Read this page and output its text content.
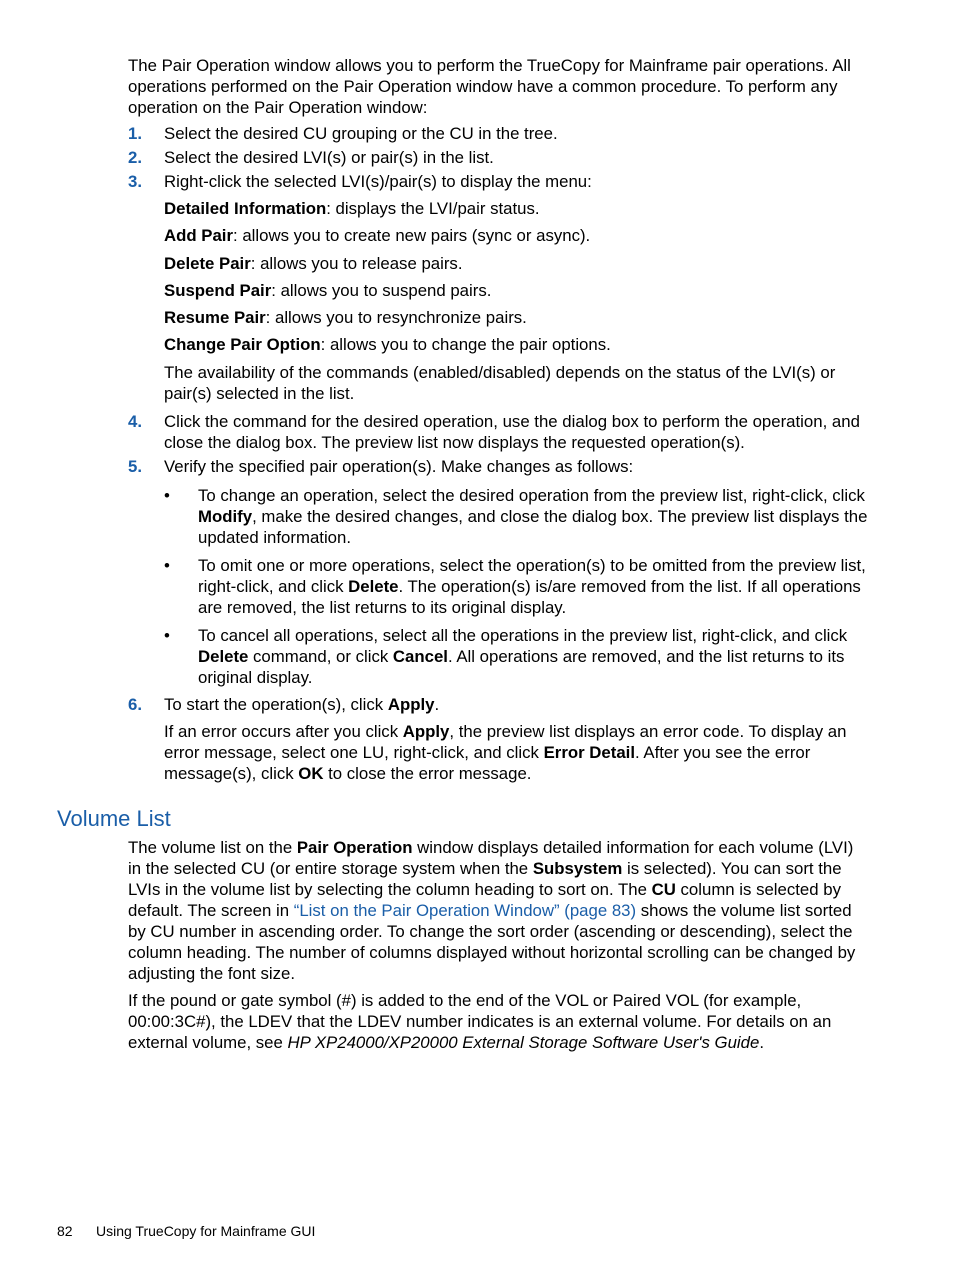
The Pair Operation window allows you to perform the TrueCopy for Mainframe pair operations. All operations performed on the Pair Operation window have a common procedure. To perform any operation on the Pair Operation window:

1. Select the desired CU grouping or the CU in the tree.
2. Select the desired LVI(s) or pair(s) in the list.
3. Right-click the selected LVI(s)/pair(s) to display the menu:

Detailed Information: displays the LVI/pair status.

Add Pair: allows you to create new pairs (sync or async).

Delete Pair: allows you to release pairs.

Suspend Pair: allows you to suspend pairs.

Resume Pair: allows you to resynchronize pairs.

Change Pair Option: allows you to change the pair options.

The availability of the commands (enabled/disabled) depends on the status of the LVI(s) or pair(s) selected in the list.

4. Click the command for the desired operation, use the dialog box to perform the operation, and close the dialog box. The preview list now displays the requested operation(s).
5. Verify the specified pair operation(s). Make changes as follows:
• To change an operation, select the desired operation from the preview list, right-click, click Modify, make the desired changes, and close the dialog box. The preview list displays the updated information.
• To omit one or more operations, select the operation(s) to be omitted from the preview list, right-click, and click Delete. The operation(s) is/are removed from the list. If all operations are removed, the list returns to its original display.
• To cancel all operations, select all the operations in the preview list, right-click, and click Delete command, or click Cancel. All operations are removed, and the list returns to its original display.
6. To start the operation(s), click Apply.

If an error occurs after you click Apply, the preview list displays an error code. To display an error message, select one LU, right-click, and click Error Detail. After you see the error message(s), click OK to close the error message.

Volume List

The volume list on the Pair Operation window displays detailed information for each volume (LVI) in the selected CU (or entire storage system when the Subsystem is selected). You can sort the LVIs in the volume list by selecting the column heading to sort on. The CU column is selected by default. The screen in “List on the Pair Operation Window” (page 83) shows the volume list sorted by CU number in ascending order. To change the sort order (ascending or descending), select the column heading. The number of columns displayed without horizontal scrolling can be changed by adjusting the font size.

If the pound or gate symbol (#) is added to the end of the VOL or Paired VOL (for example, 00:00:3C#), the LDEV that the LDEV number indicates is an external volume. For details on an external volume, see HP XP24000/XP20000 External Storage Software User's Guide.

82 Using TrueCopy for Mainframe GUI
